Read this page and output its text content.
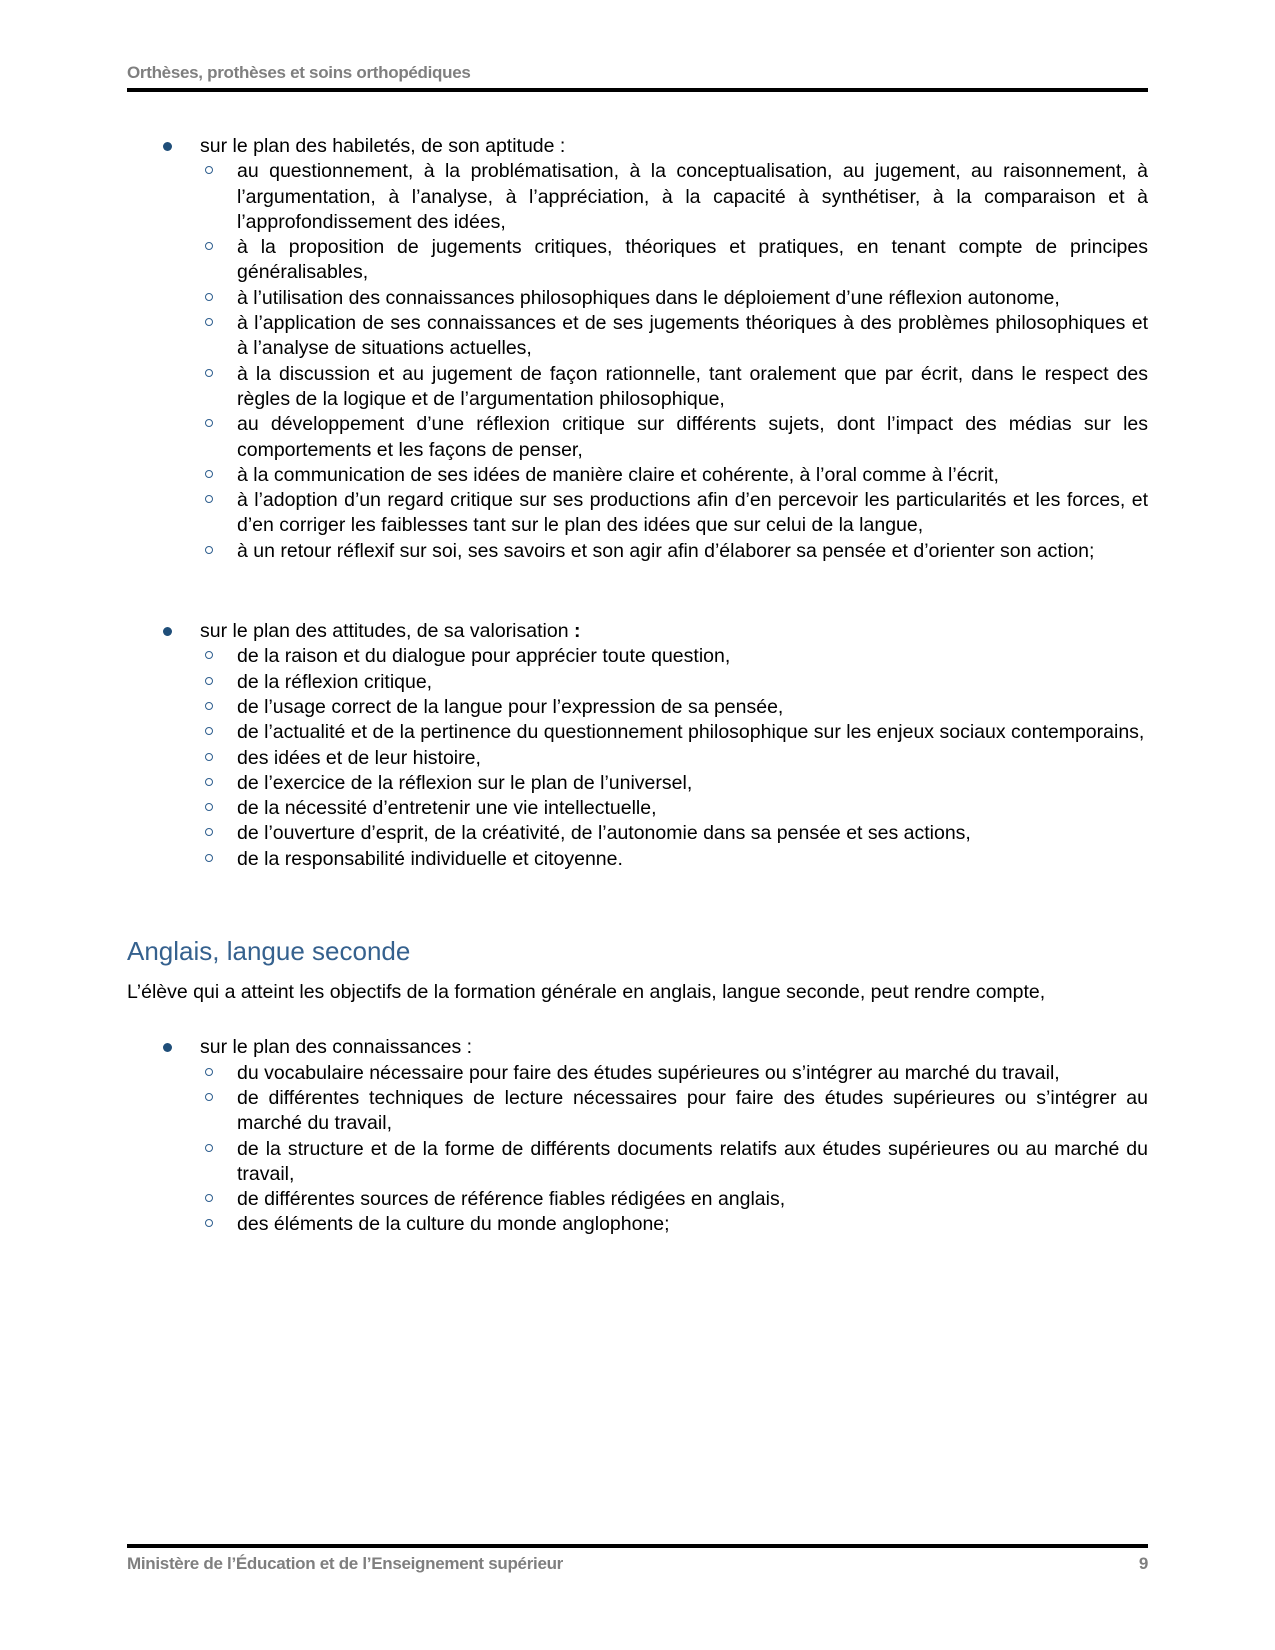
Orthèses, prothèses et soins orthopédiques
sur le plan des habiletés, de son aptitude :
au questionnement, à la problématisation, à la conceptualisation, au jugement, au raisonnement, à l’argumentation, à l’analyse, à l’appréciation, à la capacité à synthétiser, à la comparaison et à l’approfondissement des idées,
à la proposition de jugements critiques, théoriques et pratiques, en tenant compte de principes généralisables,
à l’utilisation des connaissances philosophiques dans le déploiement d’une réflexion autonome,
à l’application de ses connaissances et de ses jugements théoriques à des problèmes philosophiques et à l’analyse de situations actuelles,
à la discussion et au jugement de façon rationnelle, tant oralement que par écrit, dans le respect des règles de la logique et de l’argumentation philosophique,
au développement d’une réflexion critique sur différents sujets, dont l’impact des médias sur les comportements et les façons de penser,
à la communication de ses idées de manière claire et cohérente, à l’oral comme à l’écrit,
à l’adoption d’un regard critique sur ses productions afin d’en percevoir les particularités et les forces, et d’en corriger les faiblesses tant sur le plan des idées que sur celui de la langue,
à un retour réflexif sur soi, ses savoirs et son agir afin d’élaborer sa pensée et d’orienter son action;
sur le plan des attitudes, de sa valorisation :
de la raison et du dialogue pour apprécier toute question,
de la réflexion critique,
de l’usage correct de la langue pour l’expression de sa pensée,
de l’actualité et de la pertinence du questionnement philosophique sur les enjeux sociaux contemporains,
des idées et de leur histoire,
de l’exercice de la réflexion sur le plan de l’universel,
de la nécessité d’entretenir une vie intellectuelle,
de l’ouverture d’esprit, de la créativité, de l’autonomie dans sa pensée et ses actions,
de la responsabilité individuelle et citoyenne.
Anglais, langue seconde

L’élève qui a atteint les objectifs de la formation générale en anglais, langue seconde, peut rendre compte,

sur le plan des connaissances :
du vocabulaire nécessaire pour faire des études supérieures ou s’intégrer au marché du travail,
de différentes techniques de lecture nécessaires pour faire des études supérieures ou s’intégrer au marché du travail,
de la structure et de la forme de différents documents relatifs aux études supérieures ou au marché du travail,
de différentes sources de référence fiables rédigées en anglais,
des éléments de la culture du monde anglophone;
Ministère de l’Éducation et de l’Enseignement supérieur	9
